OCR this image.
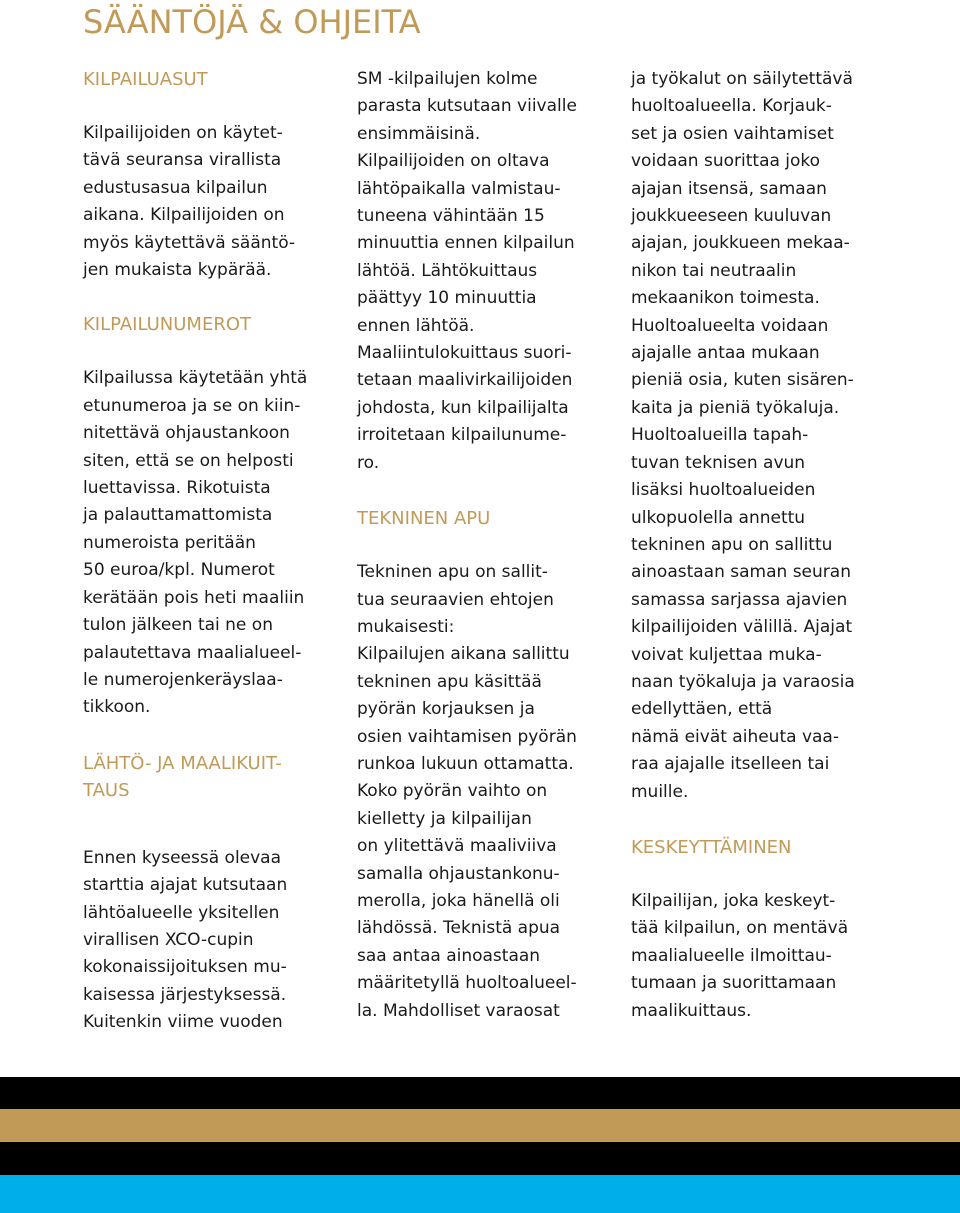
SÄÄNTÖJÄ & OHJEITA
KILPAILUASUT
Kilpailijoiden on käytet-
tävä seuransa virallista
edustusasua kilpailun
aikana. Kilpailijoiden on
myös käytettävä sääntö-
jen mukaista kypärää.
KILPAILUNUMEROT
Kilpailussa käytetään yhtä
etunumeroa ja se on kiin-
nitettävä ohjaustankoon
siten, että se on helposti
luettavissa. Rikotuista
ja palauttamattomista
numeroista peritään
50 euroa/kpl. Numerot
kerätään pois heti maaliin
tulon jälkeen tai ne on
palautettava maalialueel-
le numerojenkeräyslaa-
tikkoon.
LÄHTÖ- JA MAALIKUIT-
TAUS
Ennen kyseessä olevaa
starttia ajajat kutsutaan
lähtöalueelle yksitellen
virallisen XCO-cupin
kokonaissijoituksen mu-
kaisessa järjestyksessä.
Kuitenkin viime vuoden
SM -kilpailujen kolme
parasta kutsutaan viivalle
ensimmäisinä.
Kilpailijoiden on oltava
lähtöpaikalla valmistau-
tuneena vähintään 15
minuuttia ennen kilpailun
lähtöä. Lähtökuittaus
päättyy 10 minuuttia
ennen lähtöä.
Maaliintulokuittaus suori-
tetaan maalivirkailijoiden
johdosta, kun kilpailijalta
irroitetaan kilpailunume-
ro.
TEKNINEN APU
Tekninen apu on sallit-
tua seuraavien ehtojen
mukaisesti:
Kilpailujen aikana sallittu
tekninen apu käsittää
pyörän korjauksen ja
osien vaihtamisen pyörän
runkoa lukuun ottamatta.
Koko pyörän vaihto on
kielletty ja kilpailijan
on ylitettävä maaliviiva
samalla ohjaustankonu-
merolla, joka hänellä oli
lähdössä. Teknistä apua
saa antaa ainoastaan
määritetyllä huoltoalueel-
la. Mahdolliset varaosat
ja työkalut on säilytettävä
huoltoalueella. Korjauk-
set ja osien vaihtamiset
voidaan suorittaa joko
ajajan itsensä, samaan
joukkueeseen kuuluvan
ajajan, joukkueen mekaa-
nikon tai neutraalin
mekaanikon toimesta.
Huoltoalueelta voidaan
ajajalle antaa mukaan
pieniä osia, kuten sisären-
kaita ja pieniä työkaluja.
Huoltoalueilla tapah-
tuvan teknisen avun
lisäksi huoltoalueiden
ulkopuolella annettu
tekninen apu on sallittu
ainoastaan saman seuran
samassa sarjassa ajavien
kilpailijoiden välillä. Ajajat
voivat kuljettaa muka-
naan työkaluja ja varaosia
edellyttäen, että
nämä eivät aiheuta vaa-
raa ajajalle itselleen tai
muille.
KESKEYTTÄMINEN
Kilpailijan, joka keskeyt-
tää kilpailun, on mentävä
maalialueelle ilmoittau-
tumaan ja suorittamaan
maalikuittaus.
